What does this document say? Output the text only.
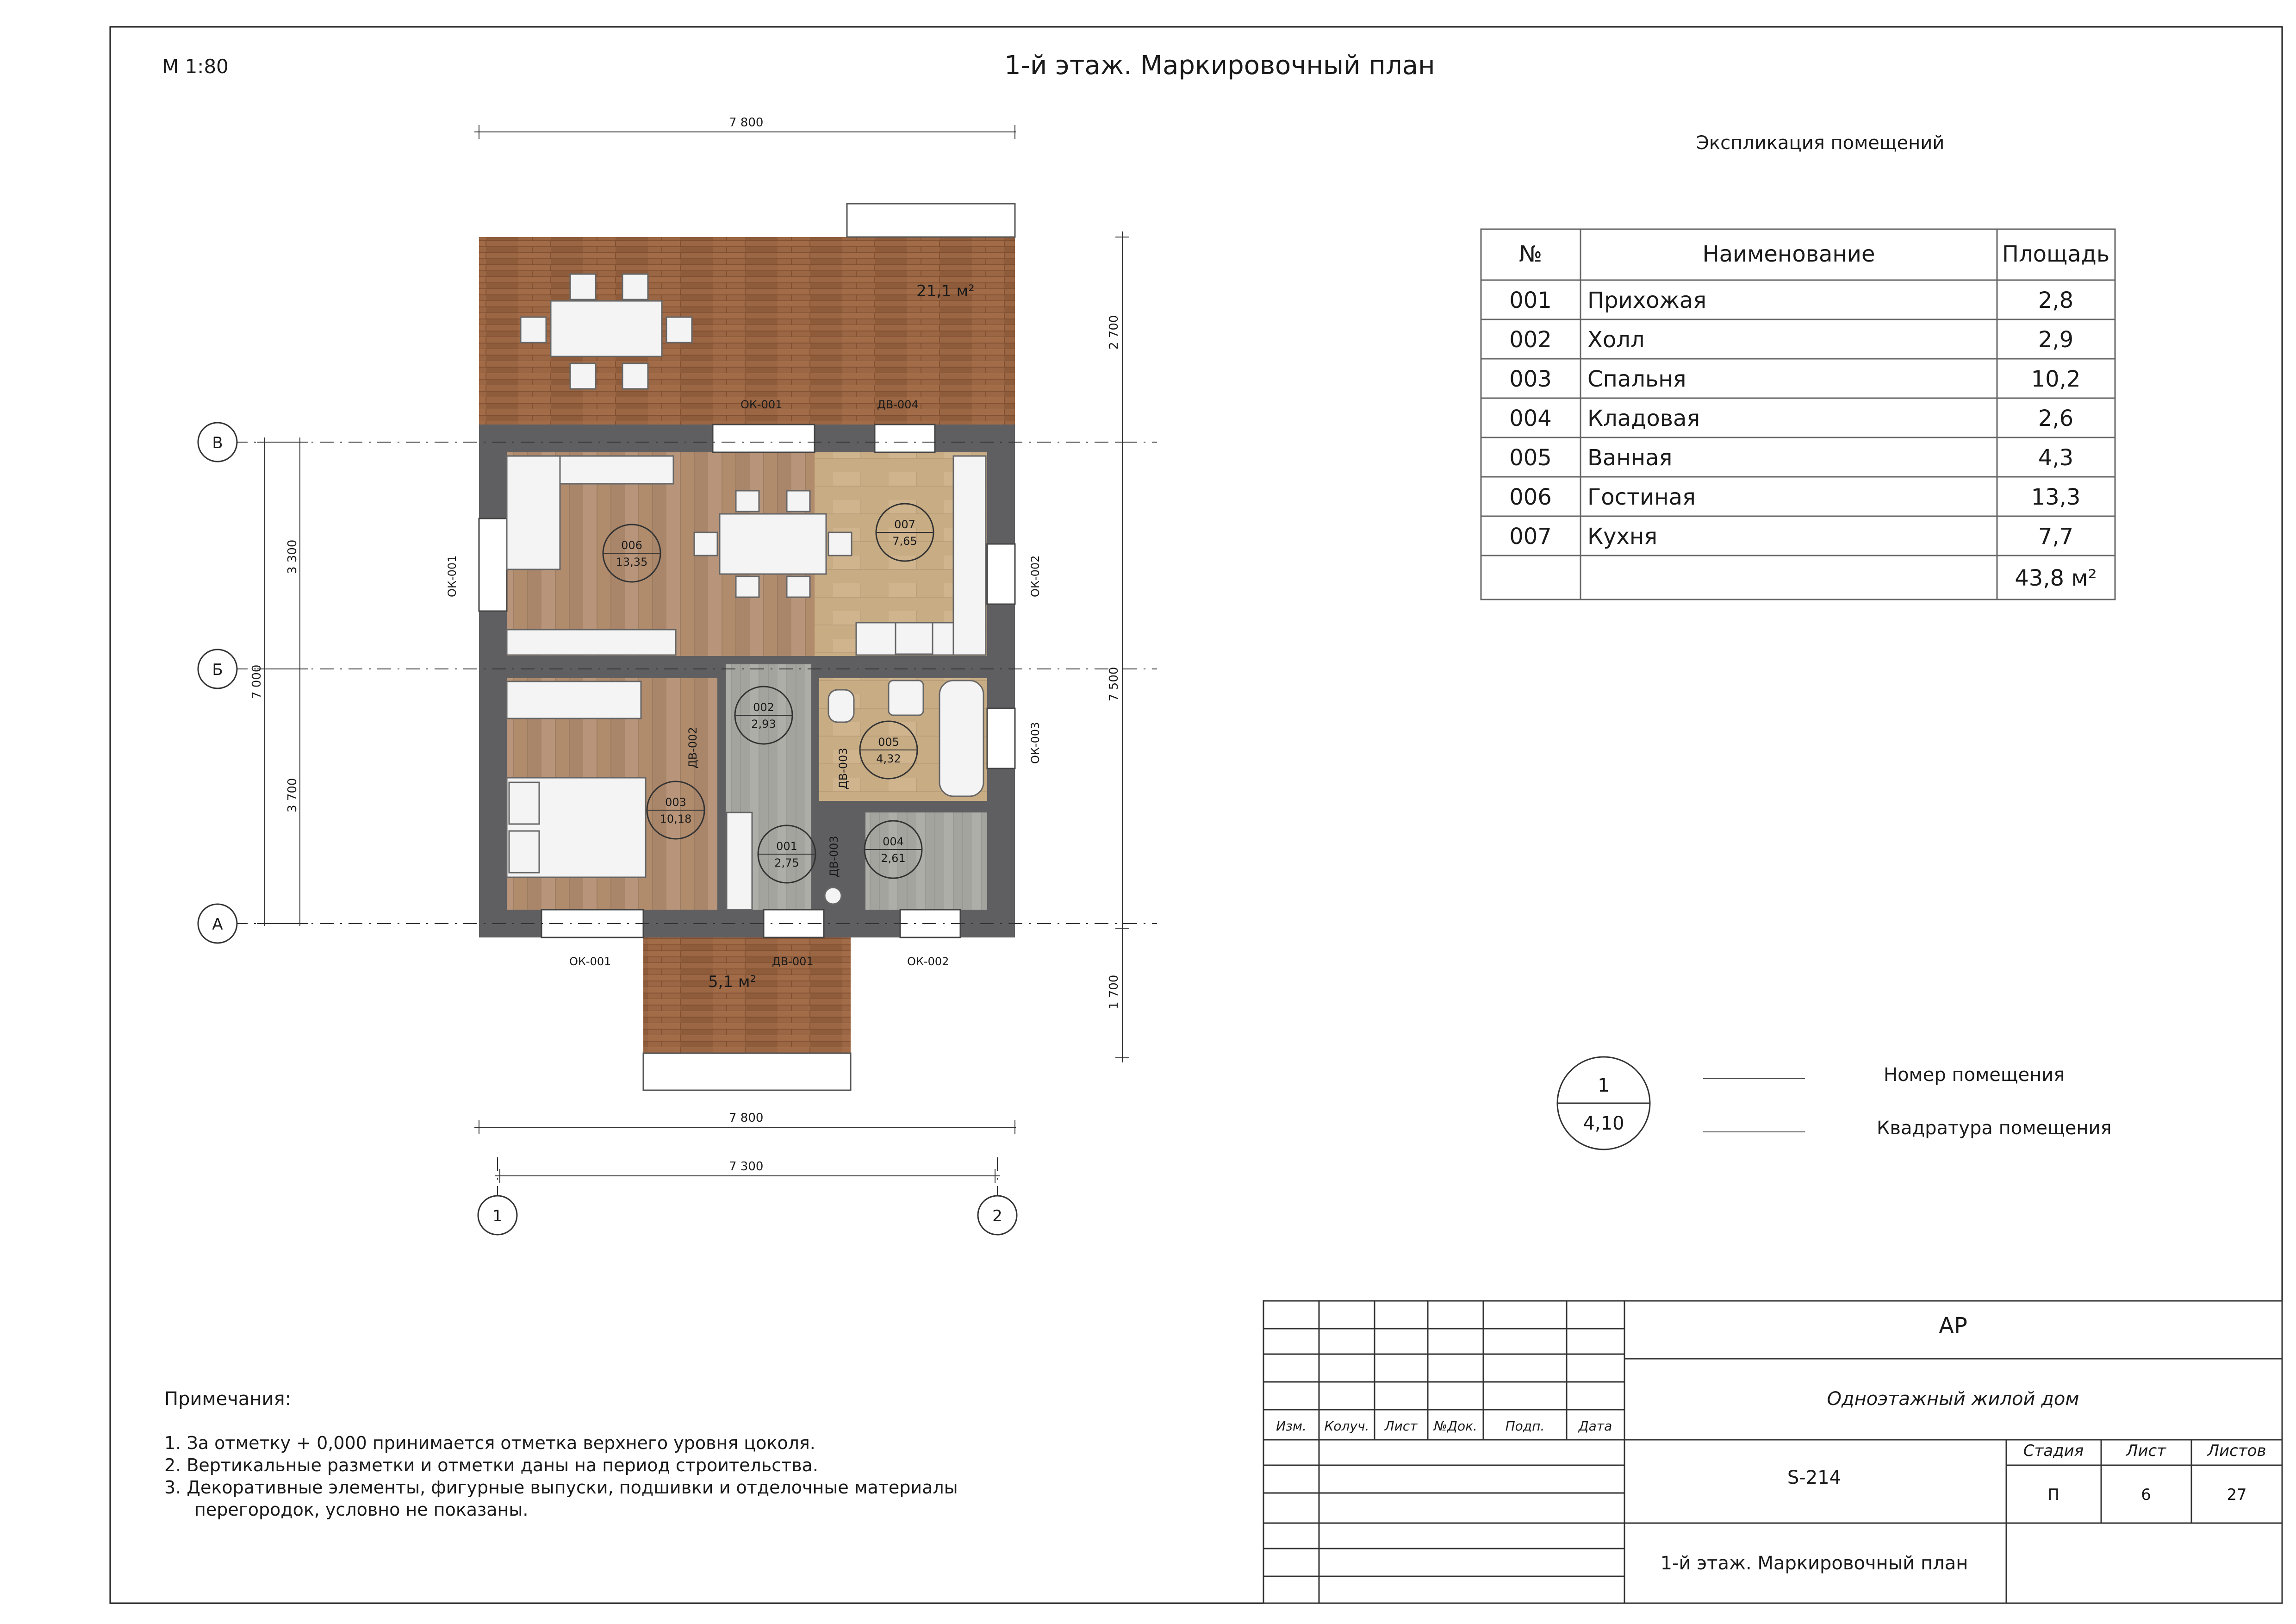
М 1:80	1-й этаж. Маркировочный план
21,1 м²
5,1 м²
006
13,35
007
7,65
002
2,93
005
4,32
003
10,18
001
2,75
004
2,61
ОК-001	ДВ-004
ОК-001	ОК-002
ОК-003
ДВ-002
ДВ-003
ДВ-003
ОК-001	ДВ-001	ОК-002
7 800
7 800
7 300
3 300
3 700
7 000
2 700
7 500
1 700
В
Б
А
1	2
Экспликация помещений
№	Наименование	Площадь
001 Прихожая	2,8
002 Холл	2,9
003 Спальня	10,2
004 Кладовая	2,6
005 Ванная	4,3
006 Гостиная	13,3
007 Кухня	7,7
43,8 м²
1
4,10
Номер помещения
Квадратура помещения
Примечания:
1. За отметку + 0,000 принимается отметка верхнего уровня цоколя.
2. Вертикальные разметки и отметки даны на период строительства.
3. Декоративные элементы, фигурные выпуски, подшивки и отделочные материалы
перегородок, условно не показаны.
Изм. Колуч. Лист №Док. Подп.	Дата
АР
Одноэтажный жилой дом
S-214
Стадия	Лист	Листов
П	6	27
1-й этаж. Маркировочный план
